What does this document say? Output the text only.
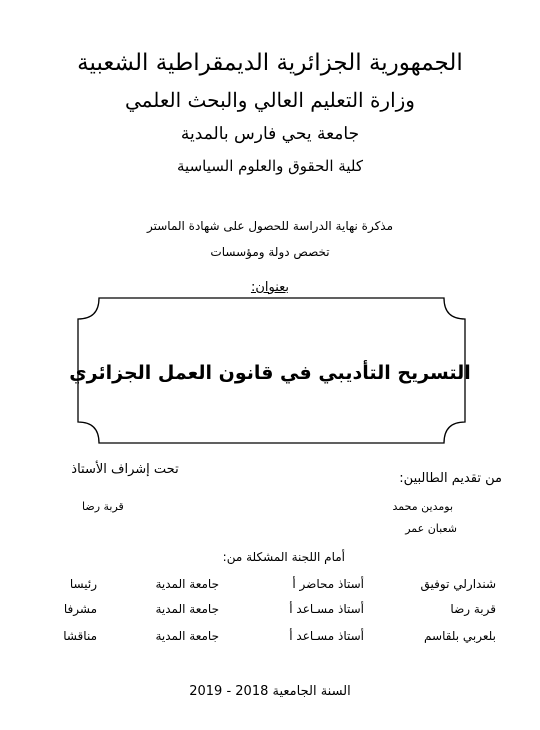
الجمهورية الجزائرية الديمقراطية الشعبية
وزارة التعليم العالي والبحث العلمي
جامعة يحي فارس بالمدية
كلية الحقوق والعلوم السياسية
مذكرة نهاية الدراسة للحصول على شهادة الماستر
تخصص دولة ومؤسسات
بعنوان:
التسريح التأديبي في قانون العمل الجزائري
من تقديم الطالبين:
تحت إشراف الأستاذ
بومدين محمد
شعبان عمر
قربة رضا
أمام اللجنة المشكلة من:
شندارلي توفيق
أستاذ محاضر أ
جامعة المدية
رئيسا
قربة رضا
أستاذ مسـاعد أ
جامعة المدية
مشرفا
بلعربي بلقاسم
أستاذ مسـاعد أ
جامعة المدية
مناقشا
السنة الجامعية 2018 - 2019
